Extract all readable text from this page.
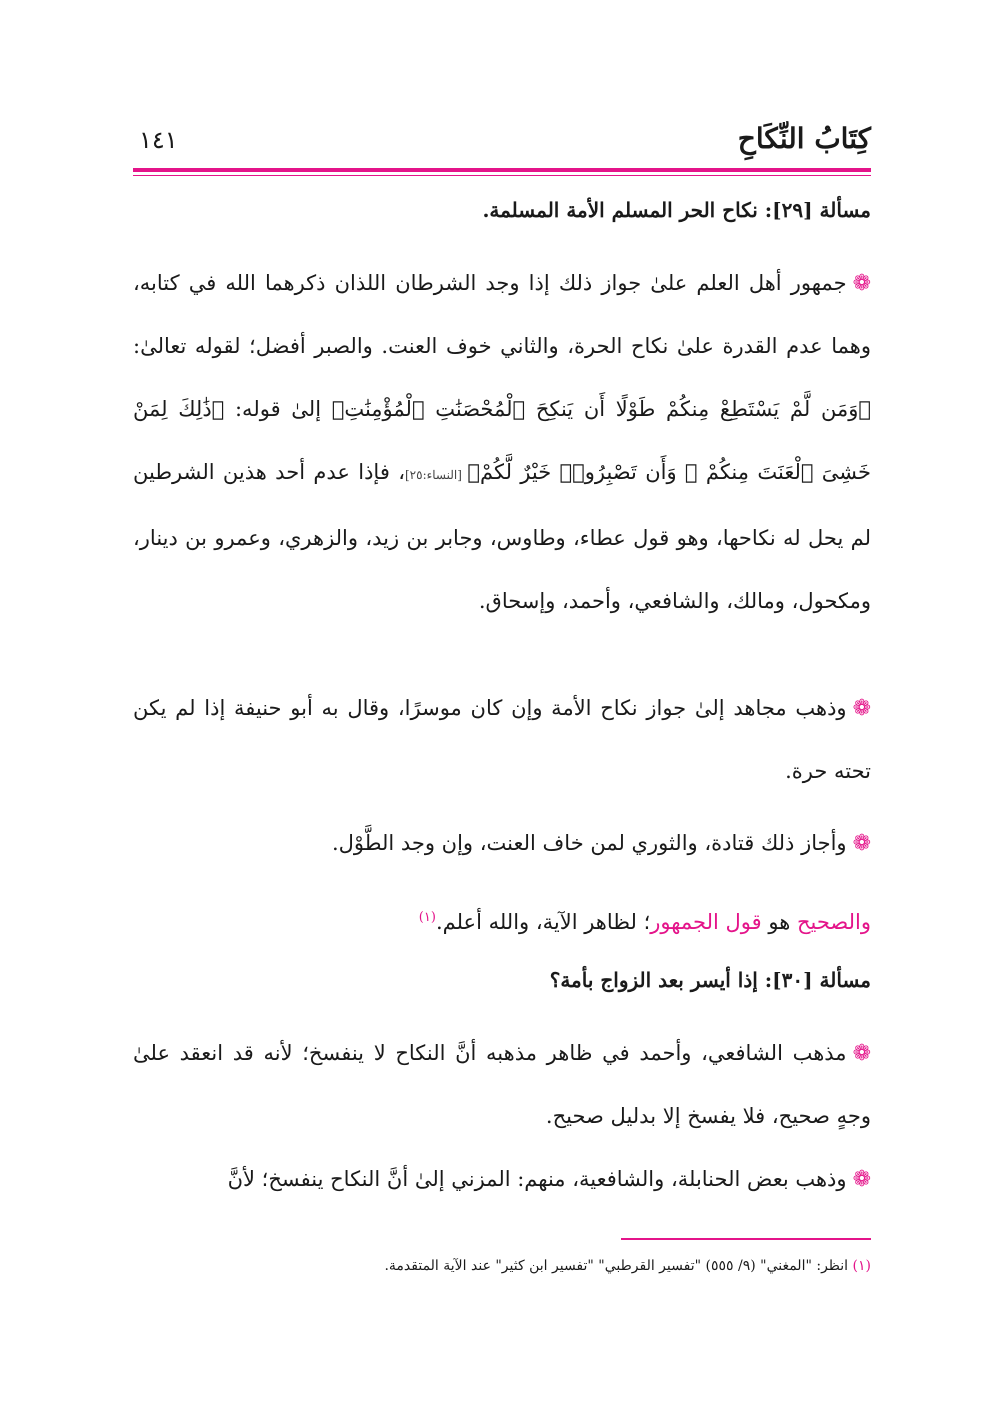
كِتَابُ النِّكَاحِ
١٤١
مسألة [٢٩]: نكاح الحر المسلم الأمة المسلمة.
❁جمهور أهل العلم علىٰ جواز ذلك إذا وجد الشرطان اللذان ذكرهما الله في كتابه، وهما عدم القدرة علىٰ نكاح الحرة، والثاني خوف العنت. والصبر أفضل؛ لقوله تعالىٰ: ﴿وَمَن لَّمْ يَسْتَطِعْ مِنكُمْ طَوْلًا أَن يَنكِحَ ٱلْمُحْصَنَٰتِ ٱلْمُؤْمِنَٰتِ﴾ إلىٰ قوله: ﴿ذَٰلِكَ لِمَنْ خَشِىَ ٱلْعَنَتَ مِنكُمْ ۚ وَأَن تَصْبِرُوا۟ خَيْرٌ لَّكُمْ﴾ [النساء:٢٥]، فإذا عدم أحد هذين الشرطين لم يحل له نكاحها، وهو قول عطاء، وطاوس، وجابر بن زيد، والزهري، وعمرو بن دينار، ومكحول، ومالك، والشافعي، وأحمد، وإسحاق.
❁وذهب مجاهد إلىٰ جواز نكاح الأمة وإن كان موسرًا، وقال به أبو حنيفة إذا لم يكن تحته حرة.
❁وأجاز ذلك قتادة، والثوري لمن خاف العنت، وإن وجد الطَّوْل.
والصحيح هو قول الجمهور؛ لظاهر الآية، والله أعلم.$^{(١)}$
مسألة [٣٠]: إذا أيسر بعد الزواج بأمة؟
❁مذهب الشافعي، وأحمد في ظاهر مذهبه أنَّ النكاح لا ينفسخ؛ لأنه قد انعقد علىٰ وجهٍ صحيح، فلا يفسخ إلا بدليل صحيح.
❁وذهب بعض الحنابلة، والشافعية، منهم: المزني إلىٰ أنَّ النكاح ينفسخ؛ لأنَّ
(١) انظر: "المغني" (٩/ ٥٥٥) "تفسير القرطبي" "تفسير ابن كثير" عند الآية المتقدمة.
